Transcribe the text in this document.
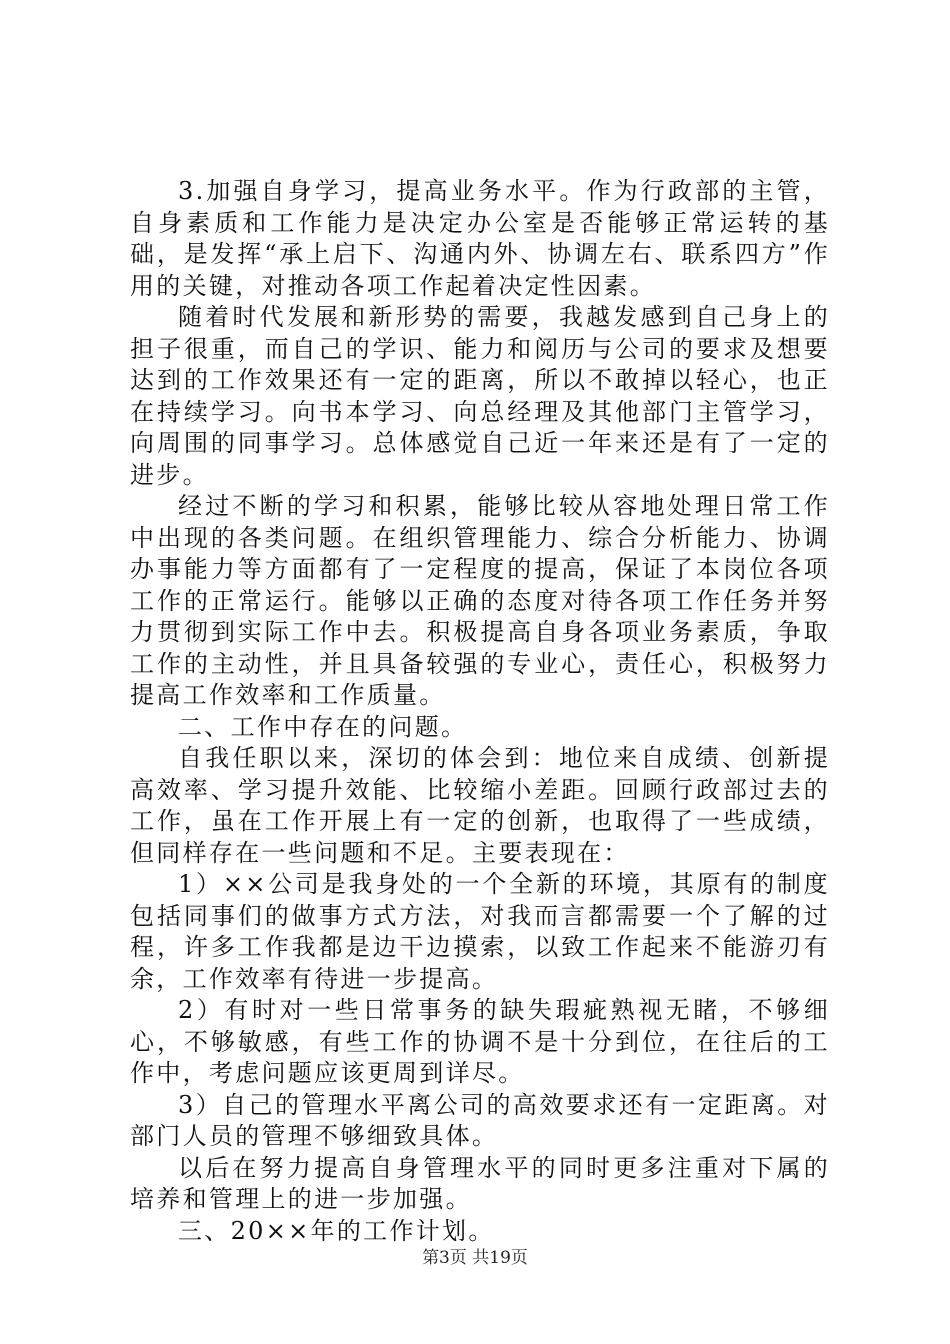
3.加强自身学习，提高业务水平。作为行政部的主管，自身素质和工作能力是决定办公室是否能够正常运转的基础，是发挥“承上启下、沟通内外、协调左右、联系四方”作用的关键，对推动各项工作起着决定性因素。

随着时代发展和新形势的需要，我越发感到自己身上的担子很重，而自己的学识、能力和阅历与公司的要求及想要达到的工作效果还有一定的距离，所以不敢掉以轻心，也正在持续学习。向书本学习、向总经理及其他部门主管学习，向周围的同事学习。总体感觉自己近一年来还是有了一定的进步。

经过不断的学习和积累，能够比较从容地处理日常工作中出现的各类问题。在组织管理能力、综合分析能力、协调办事能力等方面都有了一定程度的提高，保证了本岗位各项工作的正常运行。能够以正确的态度对待各项工作任务并努力贯彻到实际工作中去。积极提高自身各项业务素质，争取工作的主动性，并且具备较强的专业心，责任心，积极努力提高工作效率和工作质量。

二、工作中存在的问题。

自我任职以来，深切的体会到：地位来自成绩、创新提高效率、学习提升效能、比较缩小差距。回顾行政部过去的工作，虽在工作开展上有一定的创新，也取得了一些成绩，但同样存在一些问题和不足。主要表现在：

1）××公司是我身处的一个全新的环境，其原有的制度包括同事们的做事方式方法，对我而言都需要一个了解的过程，许多工作我都是边干边摸索，以致工作起来不能游刃有余，工作效率有待进一步提高。

2）有时对一些日常事务的缺失瑕疵熟视无睹，不够细心，不够敏感，有些工作的协调不是十分到位，在往后的工作中，考虑问题应该更周到详尽。

3）自己的管理水平离公司的高效要求还有一定距离。对部门人员的管理不够细致具体。

以后在努力提高自身管理水平的同时更多注重对下属的培养和管理上的进一步加强。

三、20××年的工作计划。

第3页 共19页
